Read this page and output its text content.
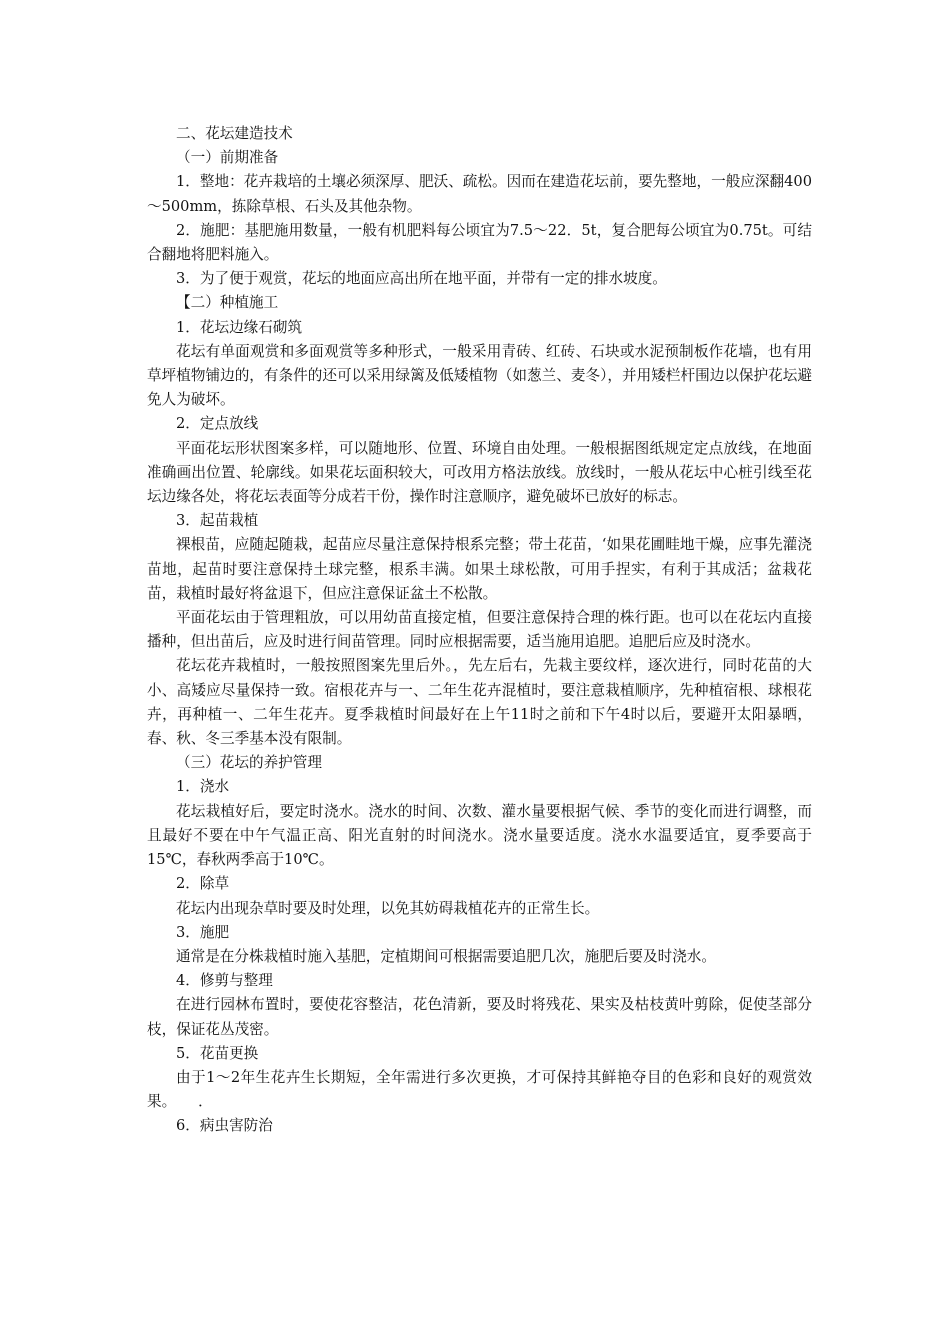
二、花坛建造技术

（一）前期准备

1．整地：花卉栽培的土壤必须深厚、肥沃、疏松。因而在建造花坛前，要先整地，一般应深翻400～500mm，拣除草根、石头及其他杂物。

2．施肥：基肥施用数量，一般有机肥料每公顷宜为7.5～22．5t，复合肥每公顷宜为0.75t。可结合翻地将肥料施入。

3．为了便于观赏，花坛的地面应高出所在地平面，并带有一定的排水坡度。

【二）种植施工

1．花坛边缘石砌筑

花坛有单面观赏和多面观赏等多种形式，一般采用青砖、红砖、石块或水泥预制板作花墙，也有用草坪植物铺边的，有条件的还可以采用绿篱及低矮植物（如葱兰、麦冬），并用矮栏杆围边以保护花坛避免人为破坏。

2．定点放线

平面花坛形状图案多样，可以随地形、位置、环境自由处理。一般根据图纸规定定点放线，在地面准确画出位置、轮廓线。如果花坛面积较大，可改用方格法放线。放线时，一般从花坛中心桩引线至花坛边缘各处，将花坛表面等分成若干份，操作时注意顺序，避免破坏已放好的标志。

3．起苗栽植

裸根苗，应随起随栽，起苗应尽量注意保持根系完整；带土花苗，‘如果花圃畦地干燥，应事先灌浇苗地，起苗时要注意保持土球完整，根系丰满。如果土球松散，可用手捏实，有利于其成活；盆栽花苗，栽植时最好将盆退下，但应注意保证盆土不松散。

平面花坛由于管理粗放，可以用幼苗直接定植，但要注意保持合理的株行距。也可以在花坛内直接播种，但出苗后，应及时进行间苗管理。同时应根据需要，适当施用追肥。追肥后应及时浇水。

花坛花卉栽植时，一般按照图案先里后外。，先左后右，先栽主要纹样，逐次进行，同时花苗的大小、高矮应尽量保持一致。宿根花卉与一、二年生花卉混植时，要注意栽植顺序，先种植宿根、球根花卉，再种植一、二年生花卉。夏季栽植时间最好在上午11时之前和下午4时以后，要避开太阳暴晒，春、秋、冬三季基本没有限制。

（三）花坛的养护管理

1．浇水

花坛栽植好后，要定时浇水。浇水的时间、次数、灌水量要根据气候、季节的变化而进行调整，而且最好不要在中午气温正高、阳光直射的时间浇水。浇水量要适度。浇水水温要适宜，夏季要高于15℃，春秋两季高于10℃。

2．除草

花坛内出现杂草时要及时处理，以免其妨碍栽植花卉的正常生长。

3．施肥

通常是在分株栽植时施入基肥，定植期间可根据需要追肥几次，施肥后要及时浇水。

4．修剪与整理

在进行园林布置时，要使花容整洁，花色清新，要及时将残花、果实及枯枝黄叶剪除，促使茎部分枝，保证花丛茂密。

5．花苗更换

由于1～2年生花卉生长期短，全年需进行多次更换，才可保持其鲜艳夺目的色彩和良好的观赏效果。　　．

6．病虫害防治
